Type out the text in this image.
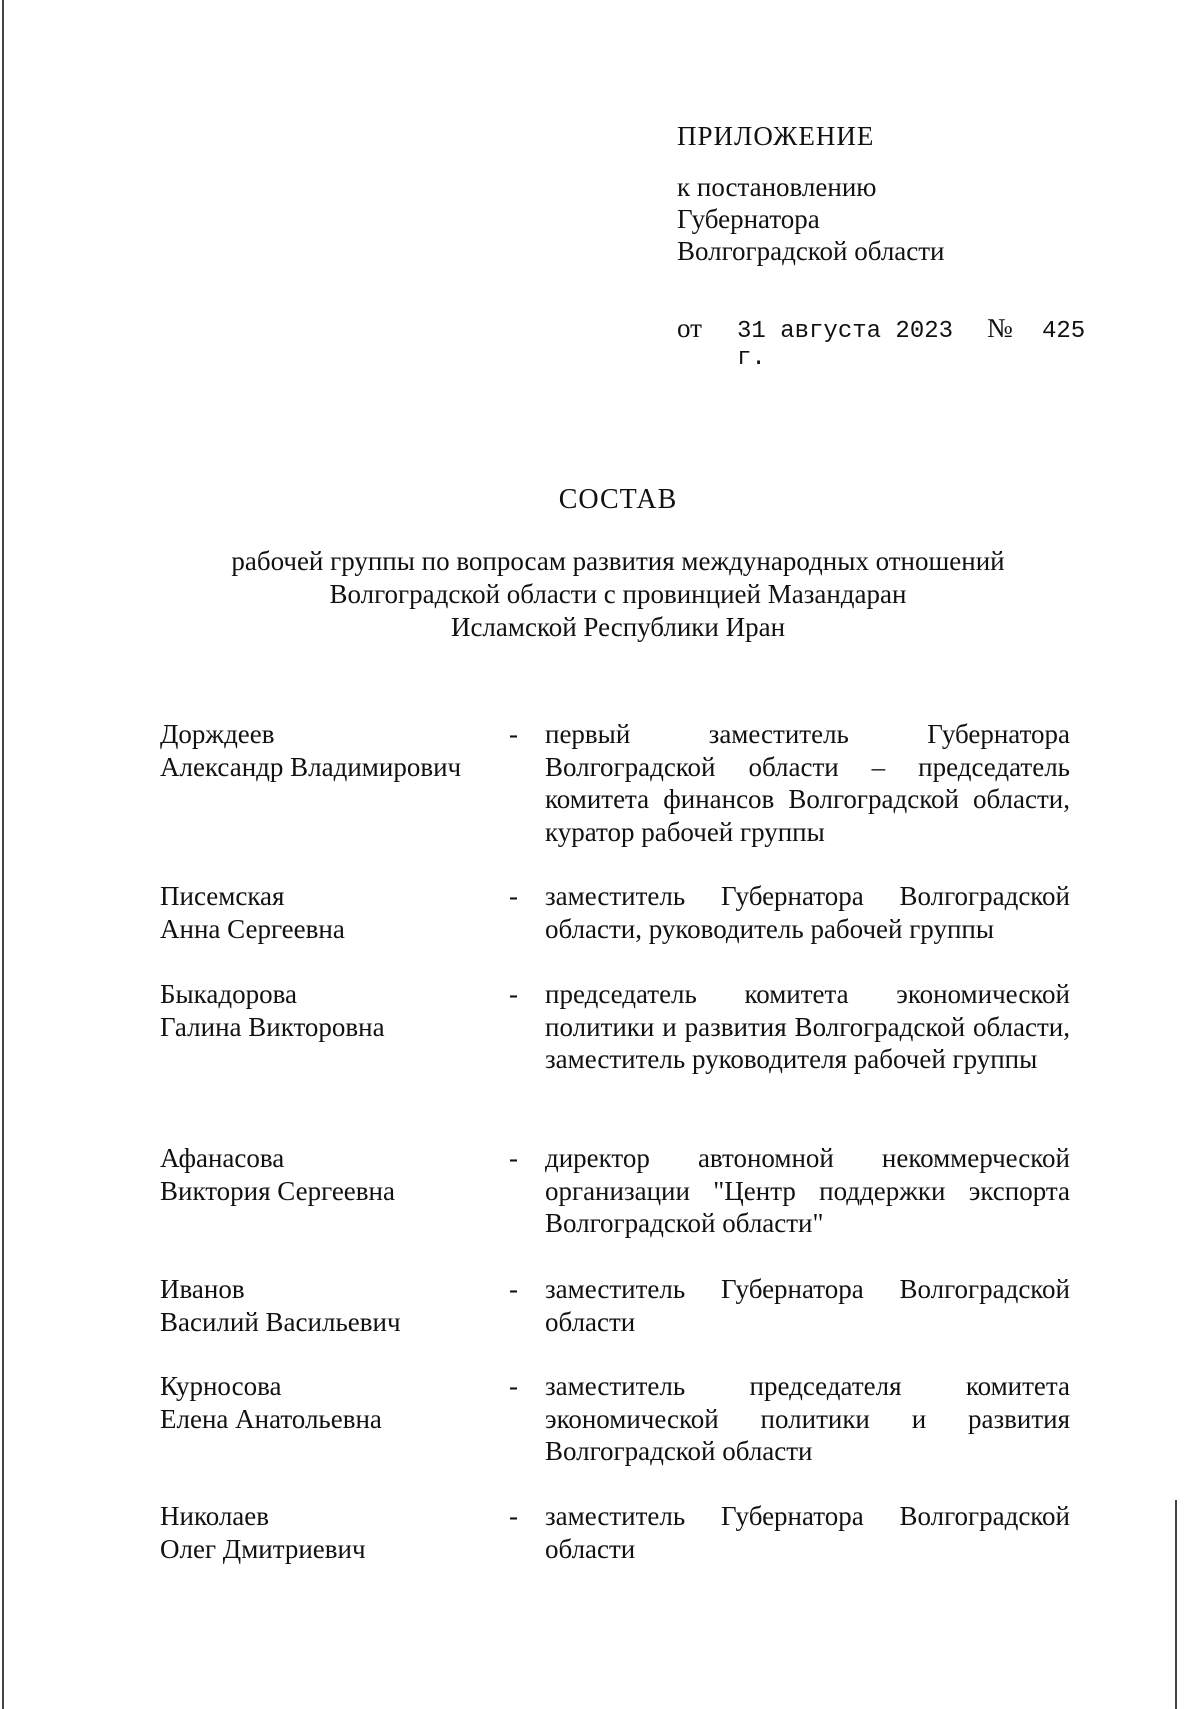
ПРИЛОЖЕНИЕ
к постановлению
Губернатора
Волгоградской области
от	31 августа 2023 г.
№	425
СОСТАВ
рабочей группы по вопросам развития международных отношений
Волгоградской области с провинцией Мазандаран
Исламской Республики Иран
Дорждеев
Александр Владимирович
-	первый заместитель Губернатора Волгоградской области – председатель комитета финансов Волгоградской области, куратор рабочей группы
Писемская
Анна Сергеевна
-	заместитель Губернатора Волгоградской области, руководитель рабочей группы
Быкадорова
Галина Викторовна
-	председатель комитета экономической политики и развития Волгоградской области, заместитель руководителя рабочей группы
Афанасова
Виктория Сергеевна
-	директор автономной некоммерческой организации "Центр поддержки экспорта Волгоградской области"
Иванов
Василий Васильевич
-	заместитель Губернатора Волгоградской области
Курносова
Елена Анатольевна
-	заместитель председателя комитета экономической политики и развития Волгоградской области
Николаев
Олег Дмитриевич
-	заместитель Губернатора Волгоградской области
